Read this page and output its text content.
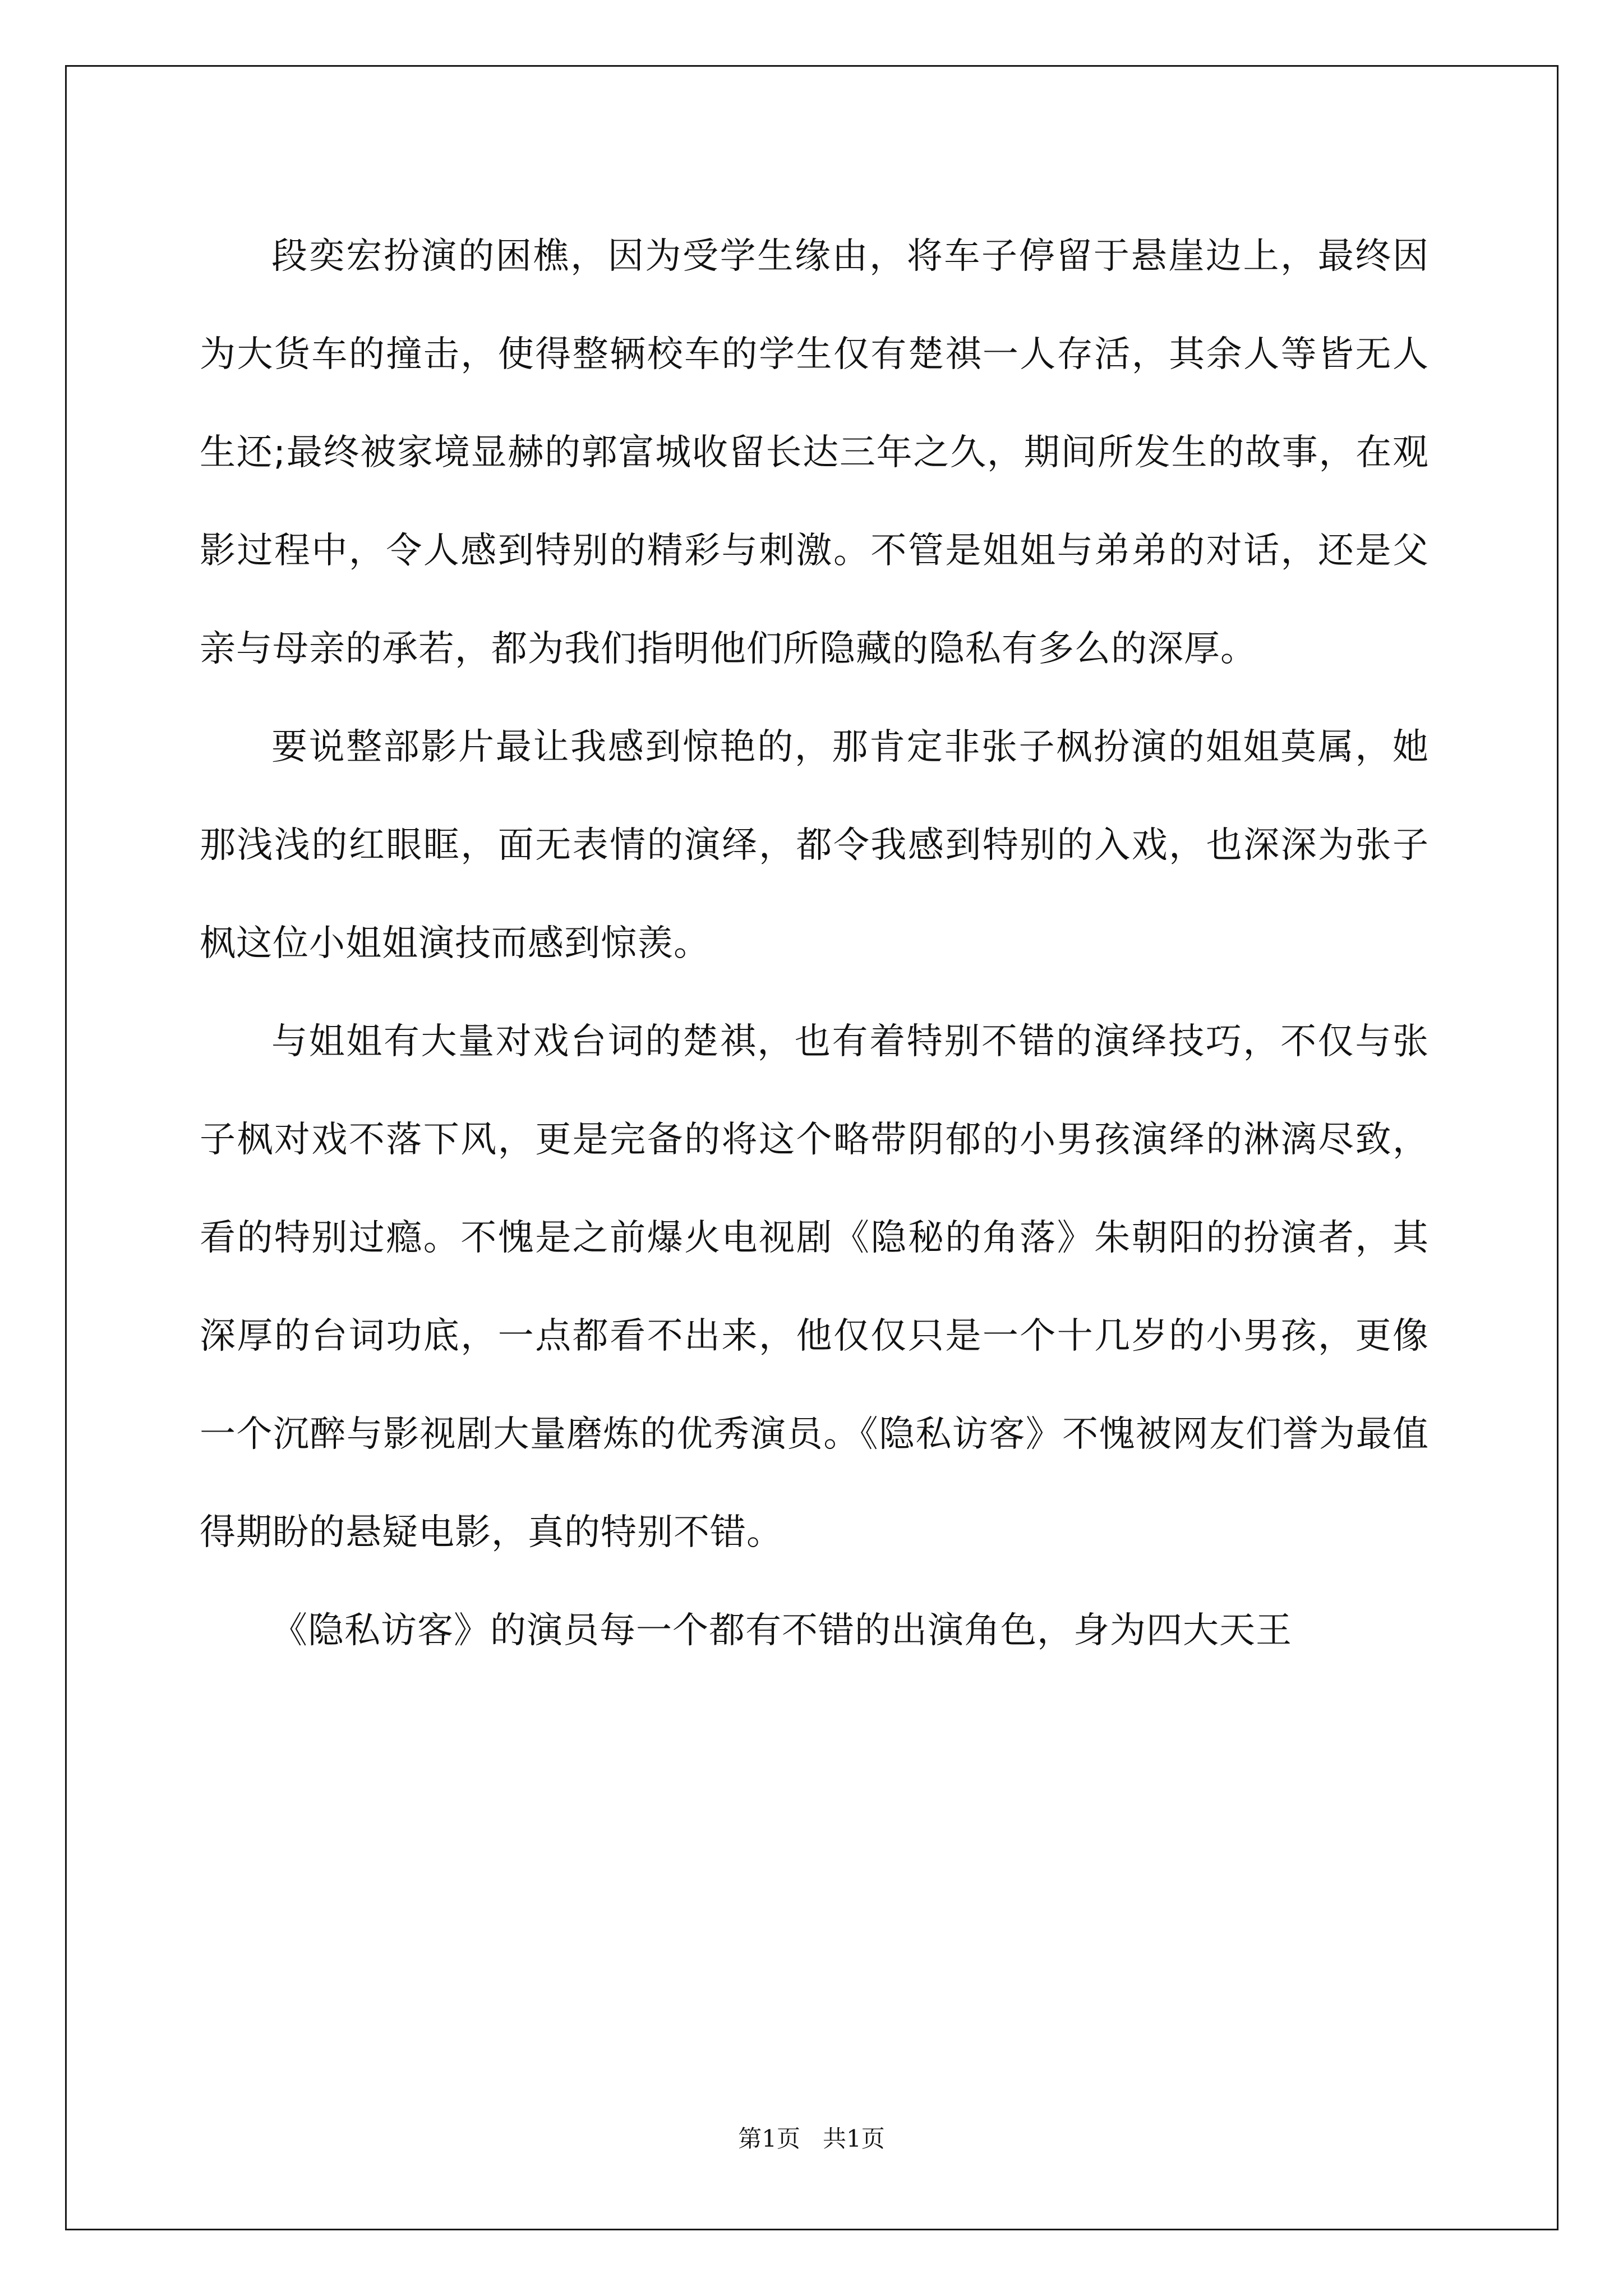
段奕宏扮演的困樵，因为受学生缘由，将车子停留于悬崖边上，最终因为大货车的撞击，使得整辆校车的学生仅有楚祺一人存活，其余人等皆无人生还;最终被家境显赫的郭富城收留长达三年之久，期间所发生的故事，在观影过程中，令人感到特别的精彩与刺激。不管是姐姐与弟弟的对话，还是父亲与母亲的承若，都为我们指明他们所隐藏的隐私有多么的深厚。

要说整部影片最让我感到惊艳的，那肯定非张子枫扮演的姐姐莫属，她那浅浅的红眼眶，面无表情的演绎，都令我感到特别的入戏，也深深为张子枫这位小姐姐演技而感到惊羡。

与姐姐有大量对戏台词的楚祺，也有着特别不错的演绎技巧，不仅与张子枫对戏不落下风，更是完备的将这个略带阴郁的小男孩演绎的淋漓尽致，看的特别过瘾。不愧是之前爆火电视剧《隐秘的角落》朱朝阳的扮演者，其深厚的台词功底，一点都看不出来，他仅仅只是一个十几岁的小男孩，更像一个沉醉与影视剧大量磨炼的优秀演员。《隐私访客》不愧被网友们誉为最值得期盼的悬疑电影，真的特别不错。

《隐私访客》的演员每一个都有不错的出演角色，身为四大天王

第1页 共1页
